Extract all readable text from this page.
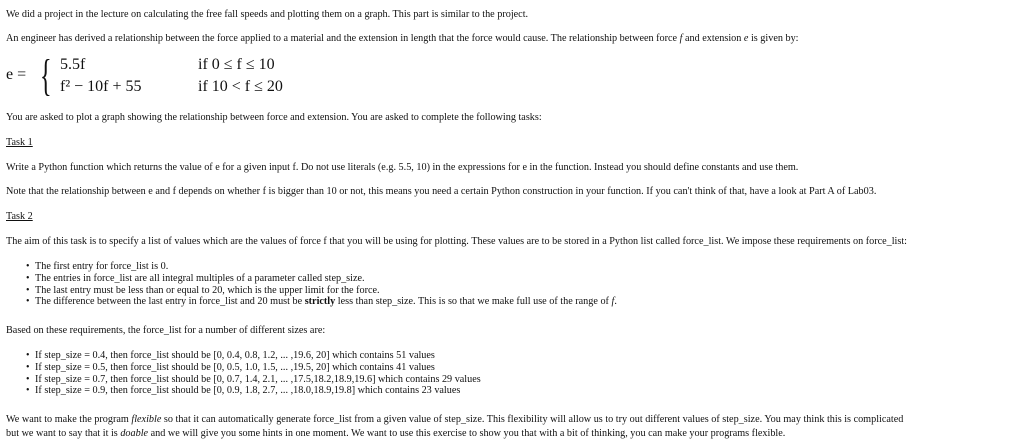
We did a project in the lecture on calculating the free fall speeds and plotting them on a graph. This part is similar to the project.
An engineer has derived a relationship between the force applied to a material and the extension in length that the force would cause. The relationship between force f and extension e is given by:
e = { 5.5f	if 0 ≤ f ≤ 10
f² − 10f + 55	if 10 < f ≤ 20
You are asked to plot a graph showing the relationship between force and extension. You are asked to complete the following tasks:
Task 1
Write a Python function which returns the value of e for a given input f. Do not use literals (e.g. 5.5, 10) in the expressions for e in the function. Instead you should define constants and use them.
Note that the relationship between e and f depends on whether f is bigger than 10 or not, this means you need a certain Python construction in your function. If you can't think of that, have a look at Part A of Lab03.
Task 2
The aim of this task is to specify a list of values which are the values of force f that you will be using for plotting. These values are to be stored in a Python list called force_list. We impose these requirements on force_list:
• The first entry for force_list is 0.
• The entries in force_list are all integral multiples of a parameter called step_size.
• The last entry must be less than or equal to 20, which is the upper limit for the force.
• The difference between the last entry in force_list and 20 must be strictly less than step_size. This is so that we make full use of the range of f.
Based on these requirements, the force_list for a number of different sizes are:
• If step_size = 0.4, then force_list should be [0, 0.4, 0.8, 1.2, ... ,19.6, 20] which contains 51 values
• If step_size = 0.5, then force_list should be [0, 0.5, 1.0, 1.5, ... ,19.5, 20] which contains 41 values
• If step_size = 0.7, then force_list should be [0, 0.7, 1.4, 2.1, ... ,17.5,18.2,18.9,19.6] which contains 29 values
• If step_size = 0.9, then force_list should be [0, 0.9, 1.8, 2.7, ... ,18.0,18.9,19.8] which contains 23 values
We want to make the program flexible so that it can automatically generate force_list from a given value of step_size. This flexibility will allow us to try out different values of step_size. You may think this is complicated
but we want to say that it is doable and we will give you some hints in one moment. We want to use this exercise to show you that with a bit of thinking, you can make your programs flexible.
